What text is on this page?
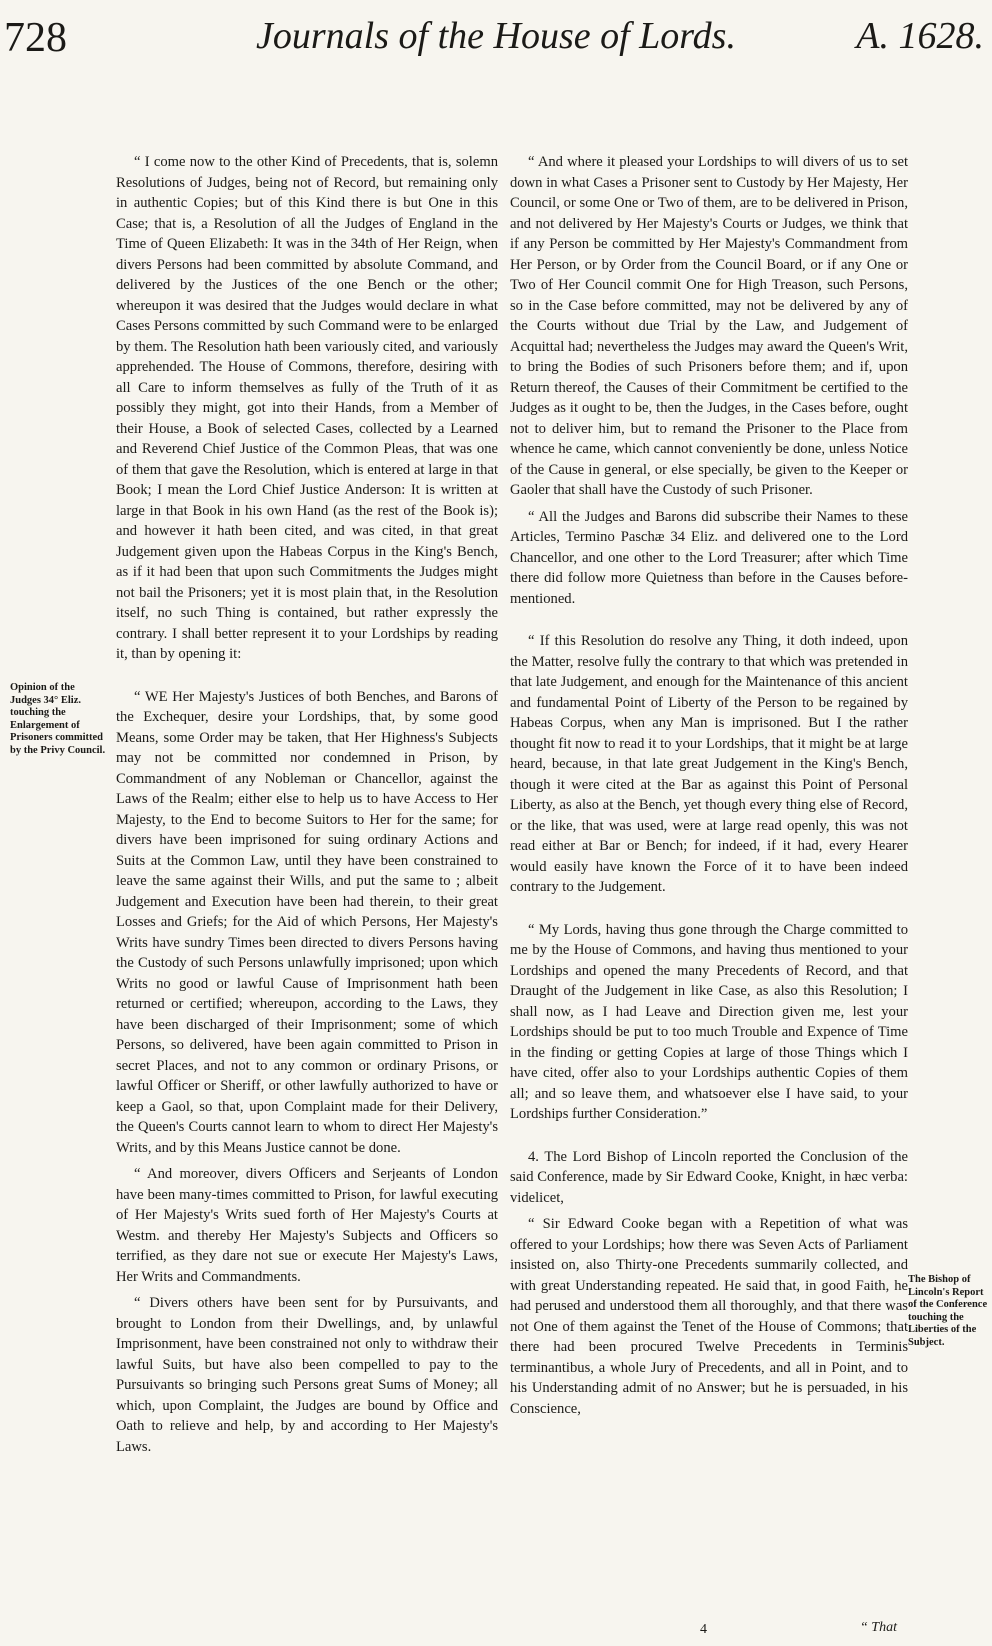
728	Journals of the House of Lords.	A. 1628.
Opinion of the Judges 34° Eliz. touching the Enlargement of Prisoners committed by the Privy Council.

“ I come now to the other Kind of Precedents, that is, solemn Resolutions of Judges, being not of Record, but remaining only in authentic Copies; but of this Kind there is but One in this Case; that is, a Resolution of all the Judges of England in the Time of Queen Elizabeth: It was in the 34th of Her Reign, when divers Persons had been committed by absolute Command, and delivered by the Justices of the one Bench or the other; whereupon it was desired that the Judges would declare in what Cases Persons committed by such Command were to be enlarged by them. The Resolution hath been variously cited, and variously apprehended. The House of Commons, therefore, desiring with all Care to inform themselves as fully of the Truth of it as possibly they might, got into their Hands, from a Member of their House, a Book of selected Cases, collected by a Learned and Reverend Chief Justice of the Common Pleas, that was one of them that gave the Resolution, which is entered at large in that Book; I mean the Lord Chief Justice Anderson: It is written at large in that Book in his own Hand (as the rest of the Book is); and however it hath been cited, and was cited, in that great Judgement given upon the Habeas Corpus in the King's Bench, as if it had been that upon such Commitments the Judges might not bail the Prisoners; yet it is most plain that, in the Resolution itself, no such Thing is contained, but rather expressly the contrary. I shall better represent it to your Lordships by reading it, than by opening it:

“ WE Her Majesty's Justices of both Benches, and Barons of the Exchequer, desire your Lordships, that, by some good Means, some Order may be taken, that Her Highness's Subjects may not be committed nor condemned in Prison, by Commandment of any Nobleman or Chancellor, against the Laws of the Realm; either else to help us to have Access to Her Majesty, to the End to become Suitors to Her for the same; for divers have been imprisoned for suing ordinary Actions and Suits at the Common Law, until they have been constrained to leave the same against their Wills, and put the same to ; albeit Judgement and Execution have been had therein, to their great Losses and Griefs; for the Aid of which Persons, Her Majesty's Writs have sundry Times been directed to divers Persons having the Custody of such Persons unlawfully imprisoned; upon which Writs no good or lawful Cause of Imprisonment hath been returned or certified; whereupon, according to the Laws, they have been discharged of their Imprisonment; some of which Persons, so delivered, have been again committed to Prison in secret Places, and not to any common or ordinary Prisons, or lawful Officer or Sheriff, or other lawfully authorized to have or keep a Gaol, so that, upon Complaint made for their Delivery, the Queen's Courts cannot learn to whom to direct Her Majesty's Writs, and by this Means Justice cannot be done.

“ And moreover, divers Officers and Serjeants of London have been many-times committed to Prison, for lawful executing of Her Majesty's Writs sued forth of Her Majesty's Courts at Westm. and thereby Her Majesty's Subjects and Officers so terrified, as they dare not sue or execute Her Majesty's Laws, Her Writs and Commandments.

“ Divers others have been sent for by Pursuivants, and brought to London from their Dwellings, and, by unlawful Imprisonment, have been constrained not only to withdraw their lawful Suits, but have also been compelled to pay to the Pursuivants so bringing such Persons great Sums of Money; all which, upon Complaint, the Judges are bound by Office and Oath to relieve and help, by and according to Her Majesty's Laws.

“ And where it pleased your Lordships to will divers of us to set down in what Cases a Prisoner sent to Custody by Her Majesty, Her Council, or some One or Two of them, are to be delivered in Prison, and not delivered by Her Majesty's Courts or Judges, we think that if any Person be committed by Her Majesty's Commandment from Her Person, or by Order from the Council Board, or if any One or Two of Her Council commit One for High Treason, such Persons, so in the Case before committed, may not be delivered by any of the Courts without due Trial by the Law, and Judgement of Acquittal had; nevertheless the Judges may award the Queen's Writ, to bring the Bodies of such Prisoners before them; and if, upon Return thereof, the Causes of their Commitment be certified to the Judges as it ought to be, then the Judges, in the Cases before, ought not to deliver him, but to remand the Prisoner to the Place from whence he came, which cannot conveniently be done, unless Notice of the Cause in general, or else specially, be given to the Keeper or Gaoler that shall have the Custody of such Prisoner.

“ All the Judges and Barons did subscribe their Names to these Articles, Termino Paschæ 34 Eliz. and delivered one to the Lord Chancellor, and one other to the Lord Treasurer; after which Time there did follow more Quietness than before in the Causes before-mentioned.

“ If this Resolution do resolve any Thing, it doth indeed, upon the Matter, resolve fully the contrary to that which was pretended in that late Judgement, and enough for the Maintenance of this ancient and fundamental Point of Liberty of the Person to be regained by Habeas Corpus, when any Man is imprisoned. But I the rather thought fit now to read it to your Lordships, that it might be at large heard, because, in that late great Judgement in the King's Bench, though it were cited at the Bar as against this Point of Personal Liberty, as also at the Bench, yet though every thing else of Record, or the like, that was used, were at large read openly, this was not read either at Bar or Bench; for indeed, if it had, every Hearer would easily have known the Force of it to have been indeed contrary to the Judgement.

“ My Lords, having thus gone through the Charge committed to me by the House of Commons, and having thus mentioned to your Lordships and opened the many Precedents of Record, and that Draught of the Judgement in like Case, as also this Resolution; I shall now, as I had Leave and Direction given me, lest your Lordships should be put to too much Trouble and Expence of Time in the finding or getting Copies at large of those Things which I have cited, offer also to your Lordships authentic Copies of them all; and so leave them, and whatsoever else I have said, to your Lordships further Consideration.”

4. The Lord Bishop of Lincoln reported the Conclusion of the said Conference, made by Sir Edward Cooke, Knight, in hæc verba: videlicet,

“ Sir Edward Cooke began with a Repetition of what was offered to your Lordships; how there was Seven Acts of Parliament insisted on, also Thirty-one Precedents summarily collected, and with great Understanding repeated. He said that, in good Faith, he had perused and understood them all thoroughly, and that there was not One of them against the Tenet of the House of Commons; that there had been procured Twelve Precedents in Terminis terminantibus, a whole Jury of Precedents, and all in Point, and to his Understanding admit of no Answer; but he is persuaded, in his Conscience,

The Bishop of Lincoln's Report of the Conference touching the Liberties of the Subject.
4	“ That
